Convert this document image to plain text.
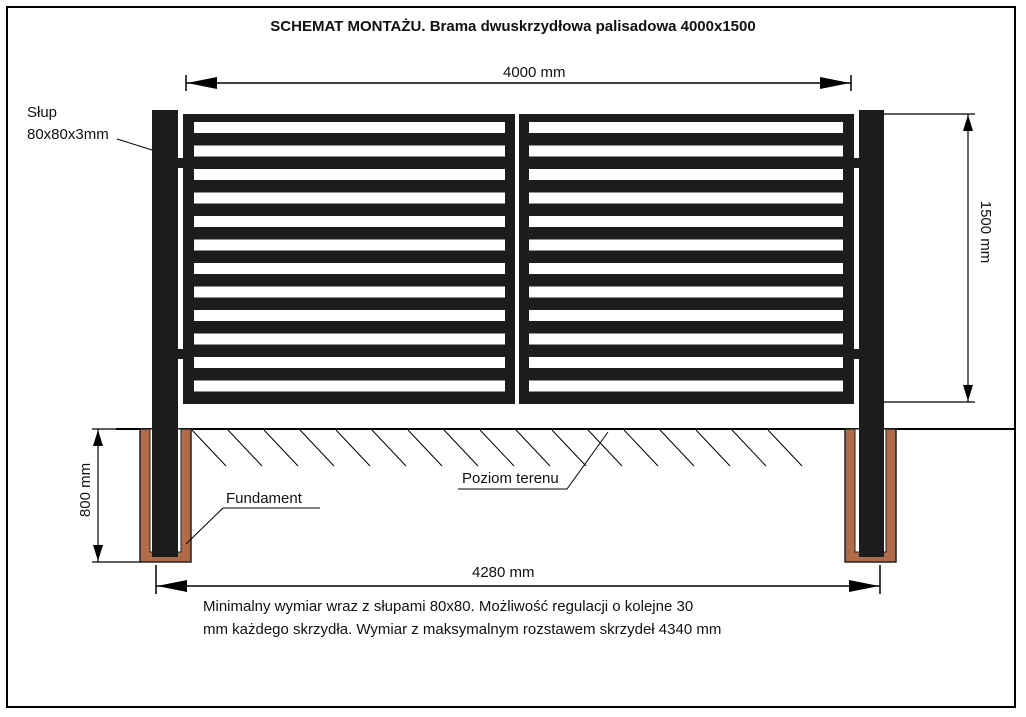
SCHEMAT MONTAŻU. Brama dwuskrzydłowa palisadowa 4000x1500
4000 mm
Słup
80x80x3mm
1500 mm
800 mm	Fundament
Poziom terenu
4280 mm
Minimalny wymiar wraz z słupami 80x80. Możliwość regulacji o kolejne 30
mm każdego skrzydła. Wymiar z maksymalnym rozstawem skrzydeł 4340 mm
